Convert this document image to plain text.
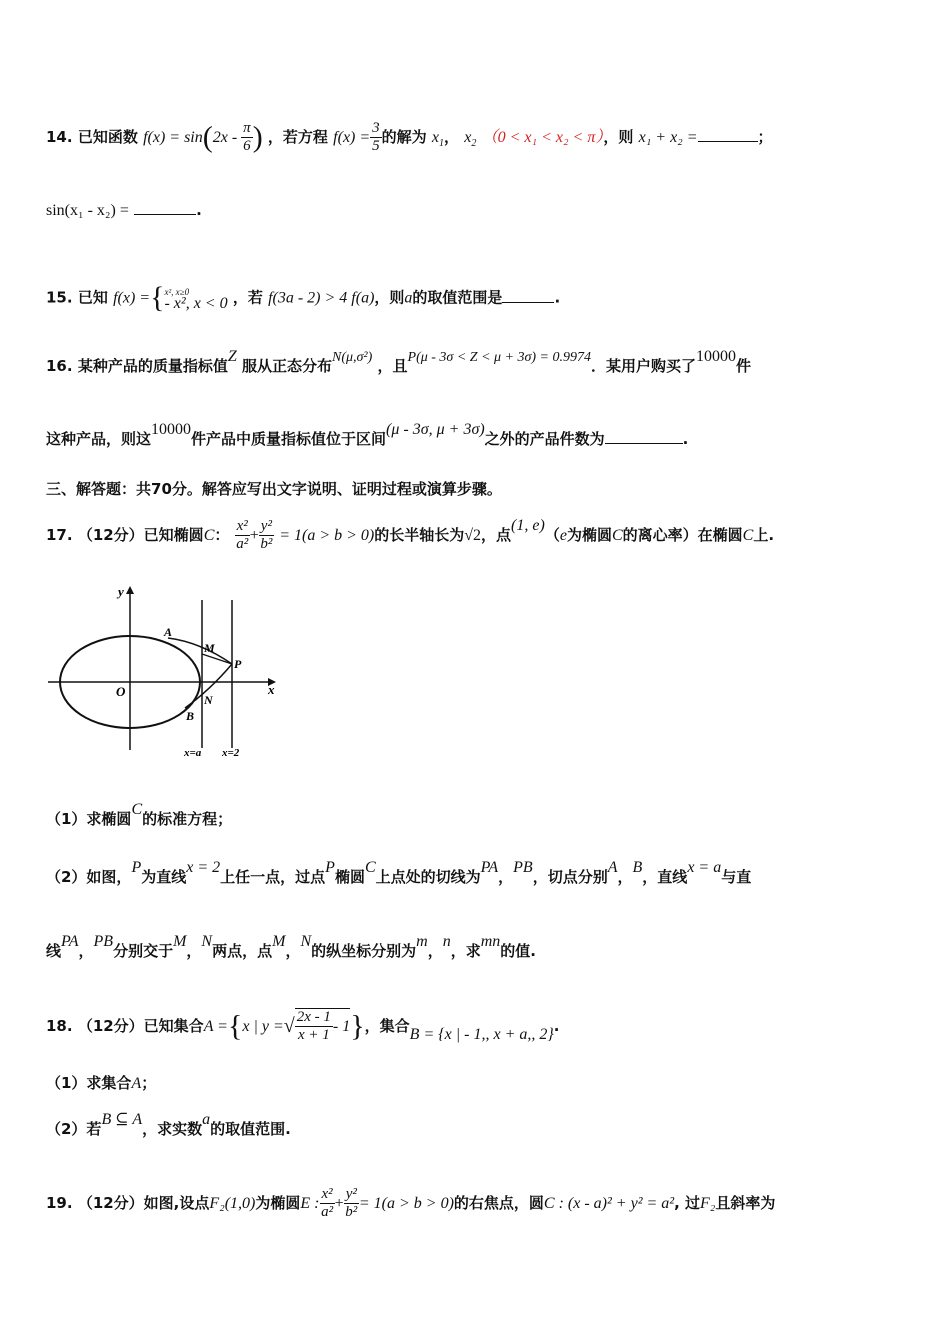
14. 已知函数 $f(x) = \sin(2x - \frac{\pi}{6}$ ) ，若方程 $f(x) = \frac{3}{5}$ 的解为 $x_1$， $x_2$ （0 < x₁ < x₂ < π），则 x₁ + x₂ =	；
sin(x₁ - x₂) =	.
15. 已知 f(x) ={ x², x≥0
- x², x < 0 ，若 f(3a - 2) > 4 f(a)，则a的取值范围是	.
16. 某种产品的质量指标值Z 服从正态分布N(μ,σ²) ，且P(μ - 3σ < Z < μ + 3σ) = 0.9974．某用户购买了10000件
这种产品，则这10000件产品中质量指标值位于区间(μ - 3σ, μ + 3σ)之外的产品件数为	.
三、解答题：共70分。解答应写出文字说明、证明过程或演算步骤。
17. （12分）已知椭圆C： $\frac{\text{x²}}{\text{a²}} + \frac{\text{y²}}{\text{b²}} = 1(a > b > 0)$的长半轴长为√2，点(1, e)（e为椭圆C的离心率）在椭圆C上.
y
x
O
A
B
M
N
P
x=a x=2
（1）求椭圆C的标准方程；
（2）如图，P为直线x = 2上任一点，过点P椭圆C上点处的切线为PA，PB，切点分别A，B，直线x = a与直
线PA，PB分别交于M，N两点，点M，N的纵坐标分别为m，n，求mn的值.
18. （12分）已知集合A ={x | y =√ $\frac{2x - 1}{x + 1} - 1$}，集合B = {x | - 1,, x + a,, 2}.
（1）求集合A；
（2）若B ⊆ A，求实数a的取值范围.
19. （12分）如图,设点F₂(1,0)为椭圆E : $\frac{\text{x²}}{\text{a²}} + \frac{\text{y²}}{\text{b²}} = 1(a > b > 0)$的右焦点，圆C : (x - a)² + y² = a², 过F₂且斜率为
